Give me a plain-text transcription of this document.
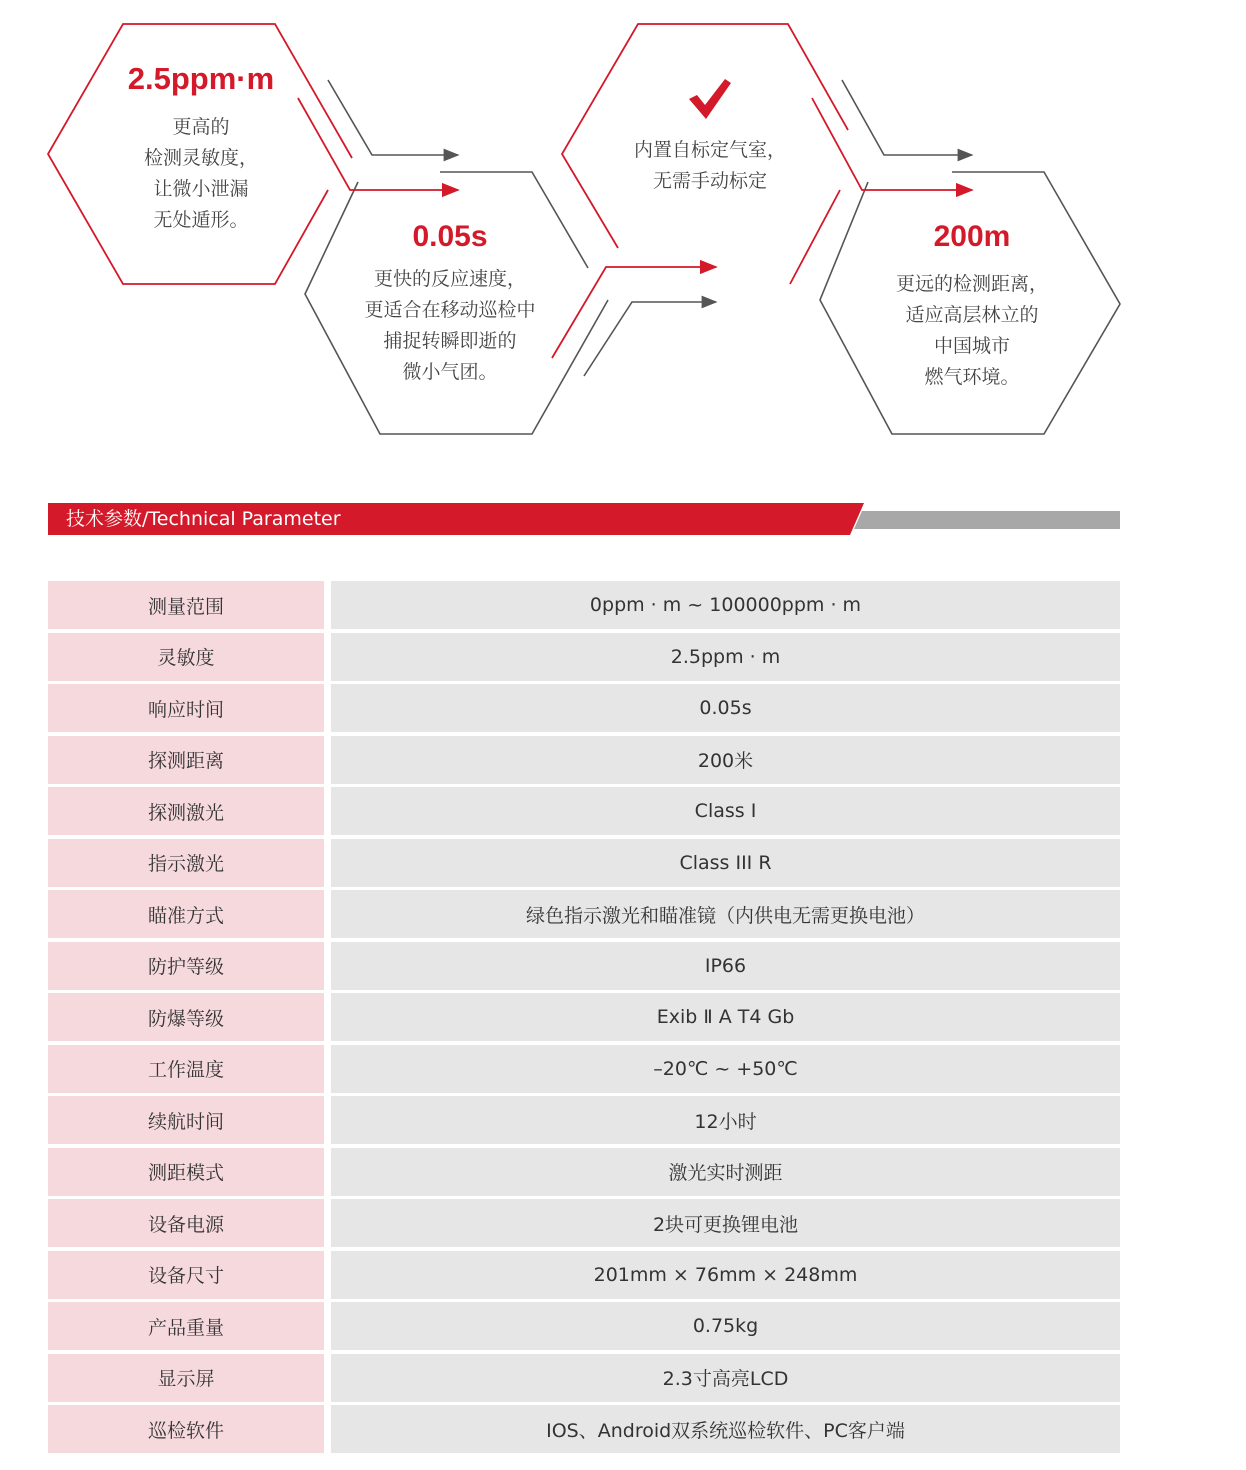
2.5ppm·m
更高的
检测灵敏度，
让微小泄漏
无处遁形。	0.05s
更快的反应速度，
更适合在移动巡检中
捕捉转瞬即逝的
微小气团。
内置自标定气室，
无需手动标定
200m
更远的检测距离，
适应高层林立的
中国城市
燃气环境。
技术参数/Technical Parameter
测量范围	0ppm · m ~ 100000ppm · m
灵敏度	2.5ppm · m
响应时间	0.05s
探测距离	200米
探测激光	Class I
指示激光	Class III R
瞄准方式	绿色指示激光和瞄准镜（内供电无需更换电池）
防护等级	IP66
防爆等级	Exib Ⅱ A T4 Gb
工作温度	–20℃ ~ +50℃
续航时间	12小时
测距模式	激光实时测距
设备电源	2块可更换锂电池
设备尺寸	201mm × 76mm × 248mm
产品重量	0.75kg
显示屏	2.3寸高亮LCD
巡检软件	IOS、Android双系统巡检软件、PC客户端
